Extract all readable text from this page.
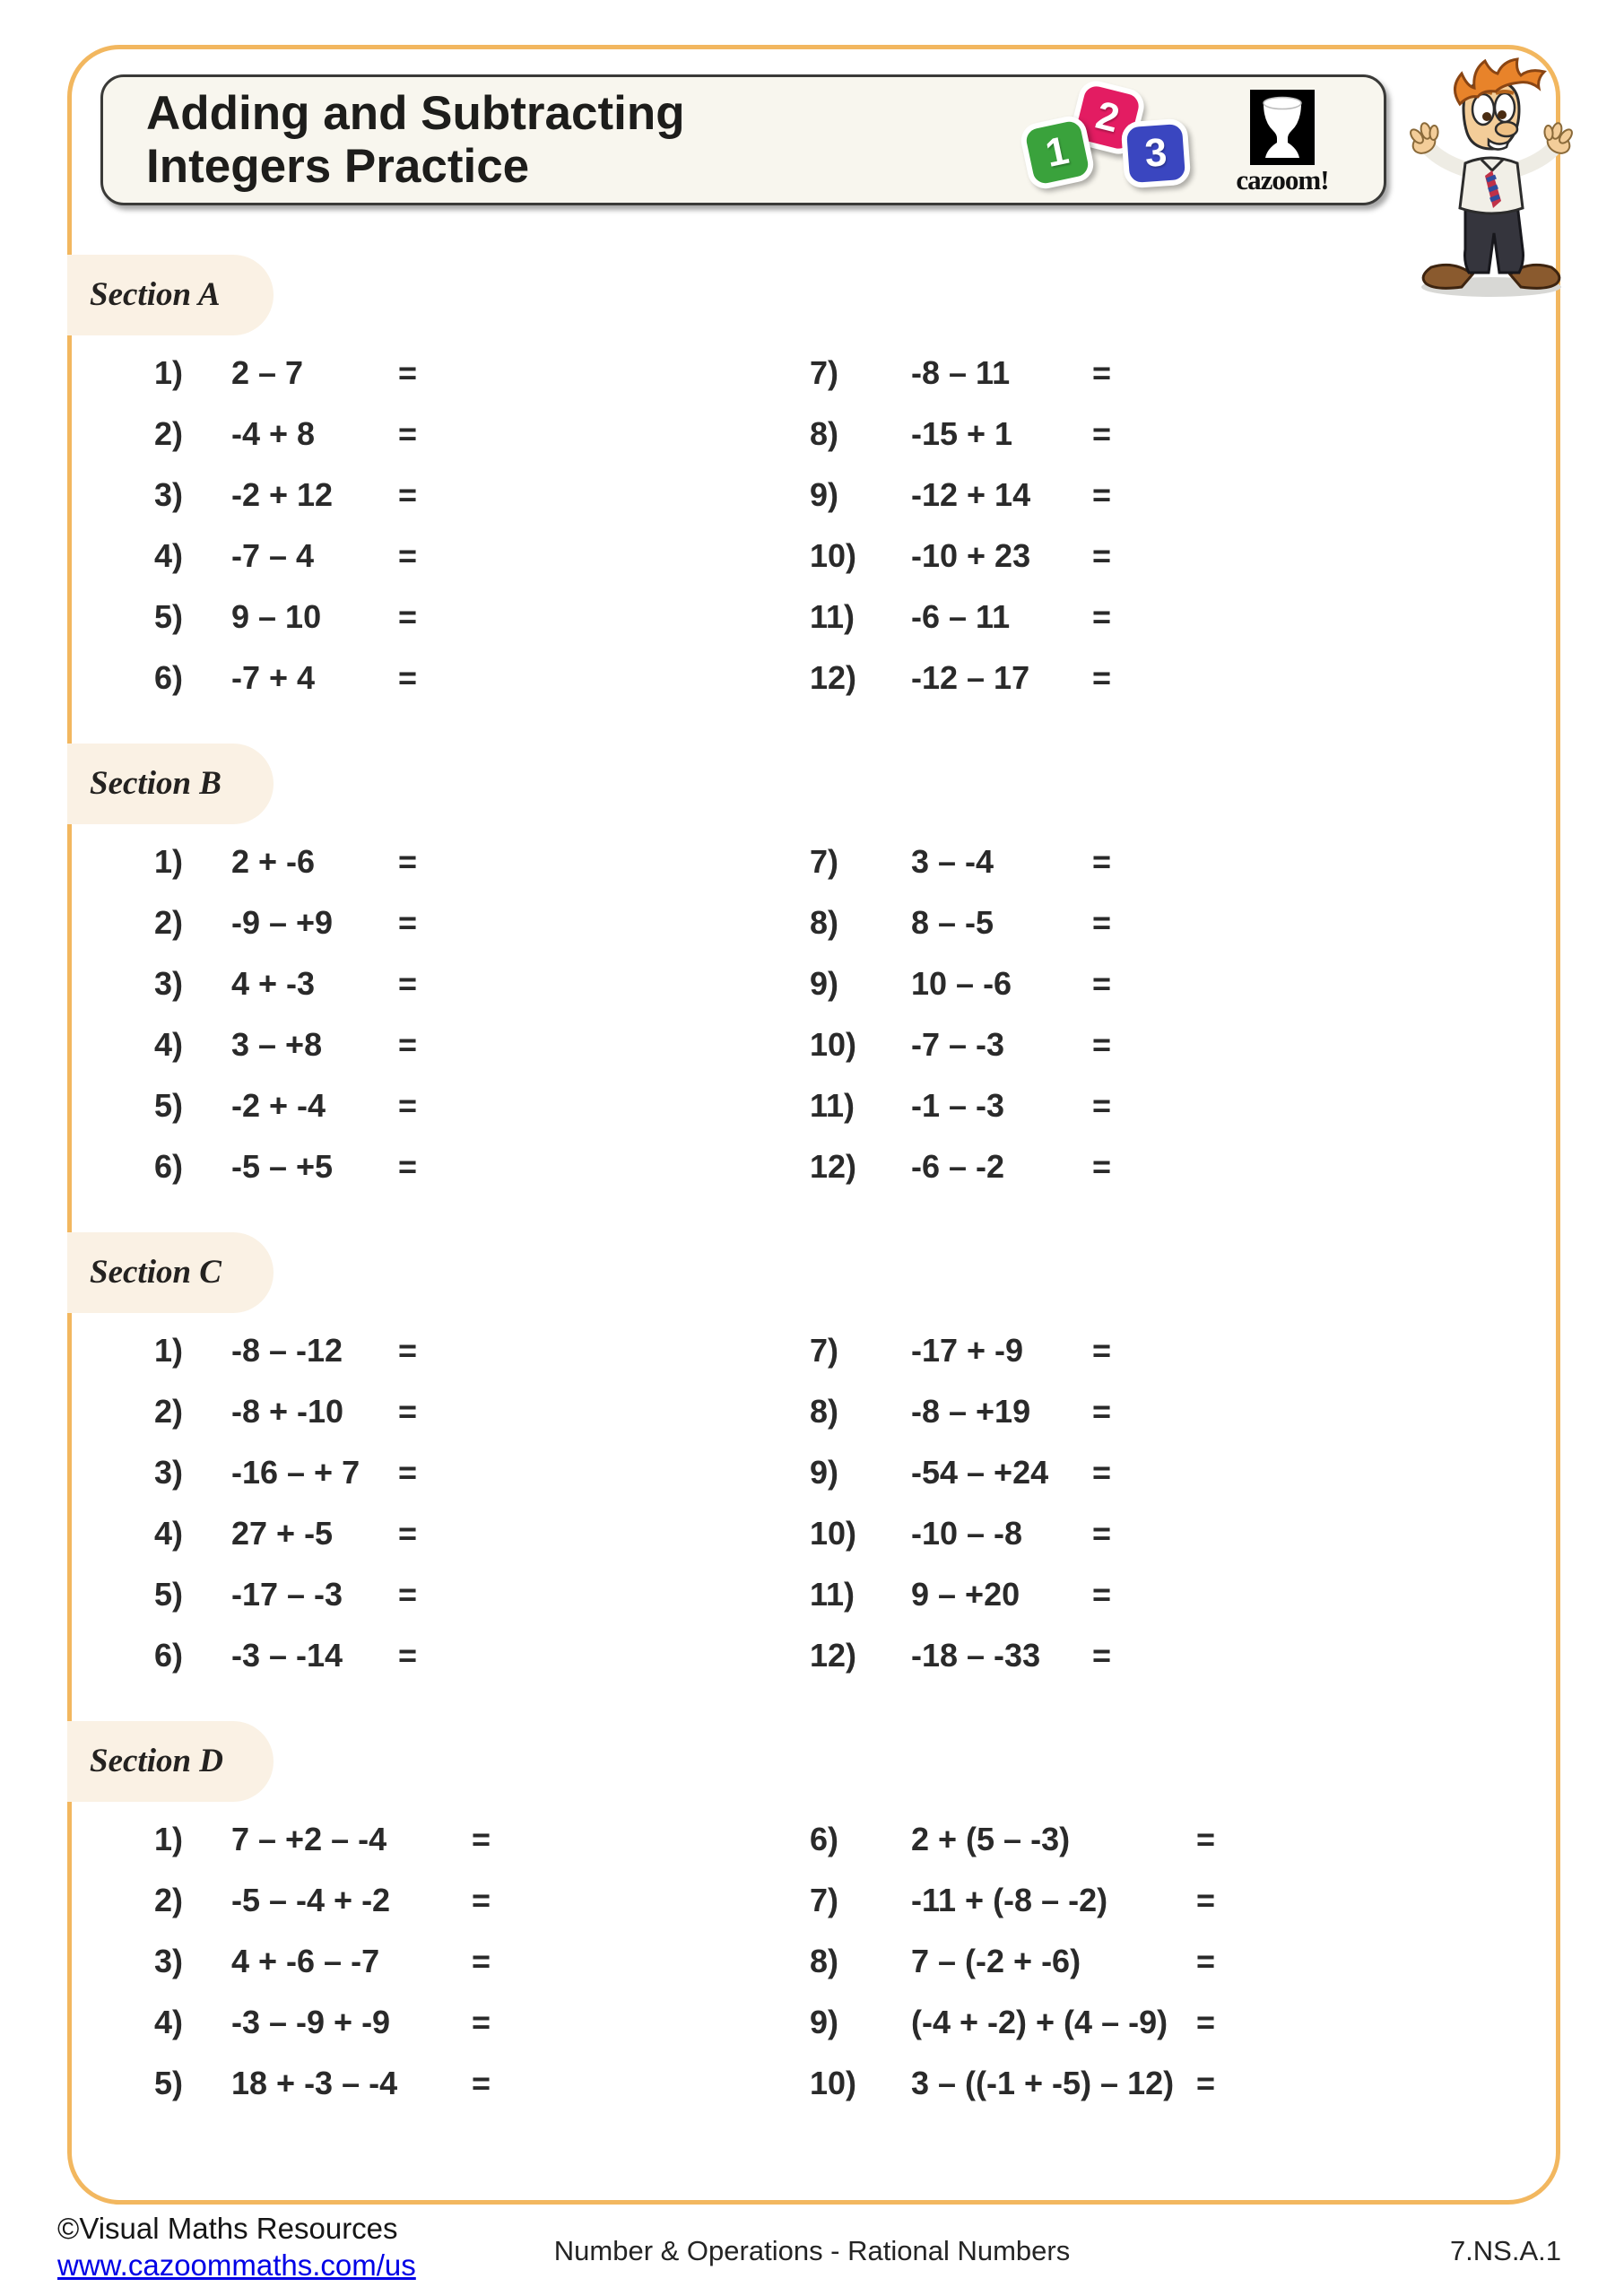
Adding and Subtracting
Integers Practice	1
2
3
cazoom!
Section A
1)	2 – 7	=
2)	-4 + 8	=
3)	-2 + 12	=
4)	-7 – 4	=
5)	9 – 10	=
6)	-7 + 4	=
7)	-8 – 11	=
8)	-15 + 1	=
9)	-12 + 14	=
10)	-10 + 23	=
11)	-6 – 11	=
12)	-12 – 17	=
Section B
1)	2 + -6	=
2)	-9 – +9	=
3)	4 + -3	=
4)	3 – +8	=
5)	-2 + -4	=
6)	-5 – +5	=
7)	3 – -4	=
8)	8 – -5	=
9)	10 – -6	=
10)	-7 – -3	=
11)	-1 – -3	=
12)	-6 – -2	=
Section C
1)	-8 – -12	=
2)	-8 + -10	=
3)	-16 – + 7	=
4)	27 + -5	=
5)	-17 – -3	=
6)	-3 – -14	=
7)	-17 + -9	=
8)	-8 – +19	=
9)	-54 – +24	=
10)	-10 – -8	=
11)	9 – +20	=
12)	-18 – -33	=
Section D
1)	7 – +2 – -4	=
2)	-5 – -4 + -2	=
3)	4 + -6 – -7	=
4)	-3 – -9 + -9	=
5)	18 + -3 – -4	=
6)	2 + (5 – -3)	=
7)	-11 + (-8 – -2)	=
8)	7 – (-2 + -6)	=
9)	(-4 + -2) + (4 – -9) =
10)	3 – ((-1 + -5) – 12) =
©Visual Maths Resources
www.cazoommaths.com/us	Number & Operations - Rational Numbers	7.NS.A.1
